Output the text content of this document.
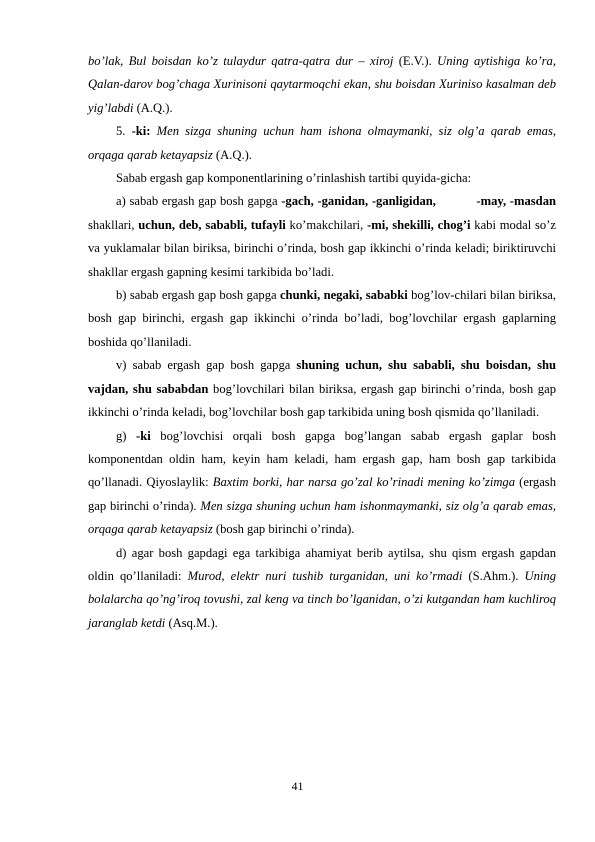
bo’lak, Bul boisdan ko’z tulaydur qatra-qatra dur – xiroj (E.V.). Uning aytishiga ko’ra, Qalan-darov bog’chaga Xurinisoni qaytarmoqchi ekan, shu boisdan Xuriniso kasalman deb yig’labdi (A.Q.).

5. -ki: Men sizga shuning uchun ham ishona olmaymanki, siz olg’a qarab emas, orqaga qarab ketayapsiz (A.Q.).

Sabab ergash gap komponentlarining o’rinlashish tartibi quyida-gicha:

a) sabab ergash gap bosh gapga -gach, -ganidan, -ganligidan,	-may, -masdan shakllari, uchun, deb, sababli, tufayli ko’makchilari, -mi, shekilli, chog’i kabi modal so’z va yuklamalar bilan biriksa, birinchi o’rinda, bosh gap ikkinchi o’rinda keladi; biriktiruvchi shakllar ergash gapning kesimi tarkibida bo’ladi.

b) sabab ergash gap bosh gapga chunki, negaki, sababki bog’lov-chilari bilan biriksa, bosh gap birinchi, ergash gap ikkinchi o’rinda bo’ladi, bog’lovchilar ergash gaplarning boshida qo’llaniladi.

v) sabab ergash gap bosh gapga shuning uchun, shu sababli, shu boisdan, shu vajdan, shu sababdan bog’lovchilari bilan biriksa, ergash gap birinchi o’rinda, bosh gap ikkinchi o’rinda keladi, bog’lovchilar bosh gap tarkibida uning bosh qismida qo’llaniladi.

g) -ki bog’lovchisi orqali bosh gapga bog’langan sabab ergash gaplar bosh komponentdan oldin ham, keyin ham keladi, ham ergash gap, ham bosh gap tarkibida qo’llanadi. Qiyoslaylik: Baxtim borki, har narsa go’zal ko’rinadi mening ko’zimga (ergash gap birinchi o’rinda). Men sizga shuning uchun ham ishonmaymanki, siz olg’a qarab emas, orqaga qarab ketayapsiz (bosh gap birinchi o’rinda).

d) agar bosh gapdagi ega tarkibiga ahamiyat berib aytilsa, shu qism ergash gapdan oldin qo’llaniladi: Murod, elektr nuri tushib turganidan, uni ko’rmadi (S.Ahm.). Uning bolalarcha qo’ng’iroq tovushi, zal keng va tinch bo’lganidan, o’zi kutgandan ham kuchliroq jaranglab ketdi (Asq.M.).

41
